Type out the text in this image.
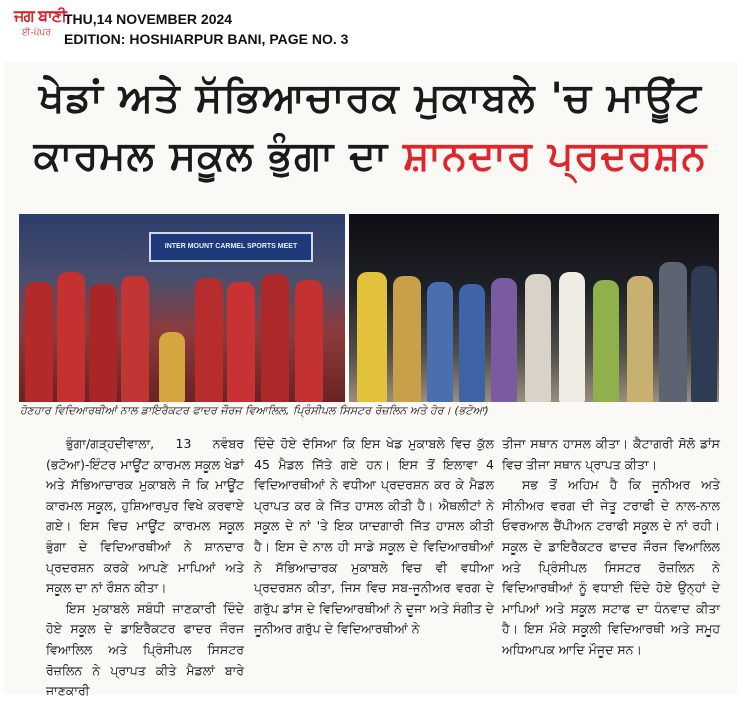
ਜਗ ਬਾਣੀ
ਈ-ਪੇਪਰ
THU,14 NOVEMBER 2024
EDITION: HOSHIARPUR BANI, PAGE NO. 3
ਖੇਡਾਂ ਅਤੇ ਸੱਭਿਆਚਾਰਕ ਮੁਕਾਬਲੇ 'ਚ ਮਾਊਂਟ
ਕਾਰਮਲ ਸਕੂਲ ਭੁੰਗਾ ਦਾ ਸ਼ਾਨਦਾਰ ਪ੍ਰਦਰਸ਼ਨ
INTER MOUNT CARMEL SPORTS MEET
ਹੋਣਹਾਰ ਵਿਦਿਆਰਥੀਆਂ ਨਾਲ ਡਾਇਰੈਕਟਰ ਫਾਦਰ ਜੌਰਜ ਵਿਆਲਿਲ, ਪ੍ਰਿੰਸੀਪਲ ਸਿਸਟਰ ਰੋਜ਼ਲਿਨ ਅਤੇ ਹੋਰ। (ਭਟੋਆ)

ਭੁੰਗਾ/ਗੜ੍ਹਦੀਵਾਲਾ, 13 ਨਵੰਬਰ (ਭਟੋਆ)-ਇੰਟਰ ਮਾਊਂਟ ਕਾਰਮਲ ਸਕੂਲ ਖੇਡਾਂ ਅਤੇ ਸੱਭਿਆਚਾਰਕ ਮੁਕਾਬਲੇ ਜੋ ਕਿ ਮਾਊਂਟ ਕਾਰਮਲ ਸਕੂਲ, ਹੁਸ਼ਿਆਰਪੁਰ ਵਿਖੇ ਕਰਵਾਏ ਗਏ। ਇਸ ਵਿਚ ਮਾਊਂਟ ਕਾਰਮਲ ਸਕੂਲ ਭੁੰਗਾ ਦੇ ਵਿਦਿਆਰਥੀਆਂ ਨੇ ਸ਼ਾਨਦਾਰ ਪ੍ਰਦਰਸ਼ਨ ਕਰਕੇ ਆਪਣੇ ਮਾਪਿਆਂ ਅਤੇ ਸਕੂਲ ਦਾ ਨਾਂ ਰੌਸ਼ਨ ਕੀਤਾ।

ਇਸ ਮੁਕਾਬਲੇ ਸਬੰਧੀ ਜਾਣਕਾਰੀ ਦਿੰਦੇ ਹੋਏ ਸਕੂਲ ਦੇ ਡਾਇਰੈਕਟਰ ਫਾਦਰ ਜੌਰਜ ਵਿਆਲਿਲ ਅਤੇ ਪ੍ਰਿੰਸੀਪਲ ਸਿਸਟਰ ਰੋਜ਼ਲਿਨ ਨੇ ਪ੍ਰਾਪਤ ਕੀਤੇ ਮੈਡਲਾਂ ਬਾਰੇ ਜਾਣਕਾਰੀ

ਦਿੰਦੇ ਹੋਏ ਦੱਸਿਆ ਕਿ ਇਸ ਖੇਡ ਮੁਕਾਬਲੇ ਵਿਚ ਕੁੱਲ 45 ਮੈਡਲ ਜਿੱਤੇ ਗਏ ਹਨ। ਇਸ ਤੋਂ ਇਲਾਵਾ 4 ਵਿਦਿਆਰਥੀਆਂ ਨੇ ਵਧੀਆ ਪ੍ਰਦਰਸ਼ਨ ਕਰ ਕੇ ਮੈਡਲ ਪ੍ਰਾਪਤ ਕਰ ਕੇ ਜਿੱਤ ਹਾਸਲ ਕੀਤੀ ਹੈ। ਐਥਲੀਟਾਂ ਨੇ ਸਕੂਲ ਦੇ ਨਾਂ 'ਤੇ ਇਕ ਯਾਦਗਾਰੀ ਜਿੱਤ ਹਾਸਲ ਕੀਤੀ ਹੈ। ਇਸ ਦੇ ਨਾਲ ਹੀ ਸਾਡੇ ਸਕੂਲ ਦੇ ਵਿਦਿਆਰਥੀਆਂ ਨੇ ਸੱਭਿਆਚਾਰਕ ਮੁਕਾਬਲੇ ਵਿਚ ਵੀ ਵਧੀਆ ਪ੍ਰਦਰਸ਼ਨ ਕੀਤਾ, ਜਿਸ ਵਿਚ ਸਬ-ਜੂਨੀਅਰ ਵਰਗ ਦੇ ਗਰੁੱਪ ਡਾਂਸ ਦੇ ਵਿਦਿਆਰਥੀਆਂ ਨੇ ਦੂਜਾ ਅਤੇ ਸੰਗੀਤ ਦੇ ਜੂਨੀਅਰ ਗਰੁੱਪ ਦੇ ਵਿਦਿਆਰਥੀਆਂ ਨੇ

ਤੀਜਾ ਸਥਾਨ ਹਾਸਲ ਕੀਤਾ। ਕੈਟਾਗਰੀ ਸੋਲੋ ਡਾਂਸ ਵਿਚ ਤੀਜਾ ਸਥਾਨ ਪ੍ਰਾਪਤ ਕੀਤਾ।

ਸਭ ਤੋਂ ਅਹਿਮ ਹੈ ਕਿ ਜੂਨੀਅਰ ਅਤੇ ਸੀਨੀਅਰ ਵਰਗ ਦੀ ਜੇਤੂ ਟਰਾਫੀ ਦੇ ਨਾਲ-ਨਾਲ ਓਵਰਆਲ ਚੈਂਪੀਅਨ ਟਰਾਫੀ ਸਕੂਲ ਦੇ ਨਾਂ ਰਹੀ। ਸਕੂਲ ਦੇ ਡਾਇਰੈਕਟਰ ਫਾਦਰ ਜੌਰਜ ਵਿਆਲਿਲ ਅਤੇ ਪ੍ਰਿੰਸੀਪਲ ਸਿਸਟਰ ਰੋਜ਼ਲਿਨ ਨੇ ਵਿਦਿਆਰਥੀਆਂ ਨੂੰ ਵਧਾਈ ਦਿੰਦੇ ਹੋਏ ਉਨ੍ਹਾਂ ਦੇ ਮਾਪਿਆਂ ਅਤੇ ਸਕੂਲ ਸਟਾਫ ਦਾ ਧੰਨਵਾਦ ਕੀਤਾ ਹੈ। ਇਸ ਮੌਕੇ ਸਕੂਲੀ ਵਿਦਿਆਰਥੀ ਅਤੇ ਸਮੂਹ ਅਧਿਆਪਕ ਆਦਿ ਮੌਜੂਦ ਸਨ।
